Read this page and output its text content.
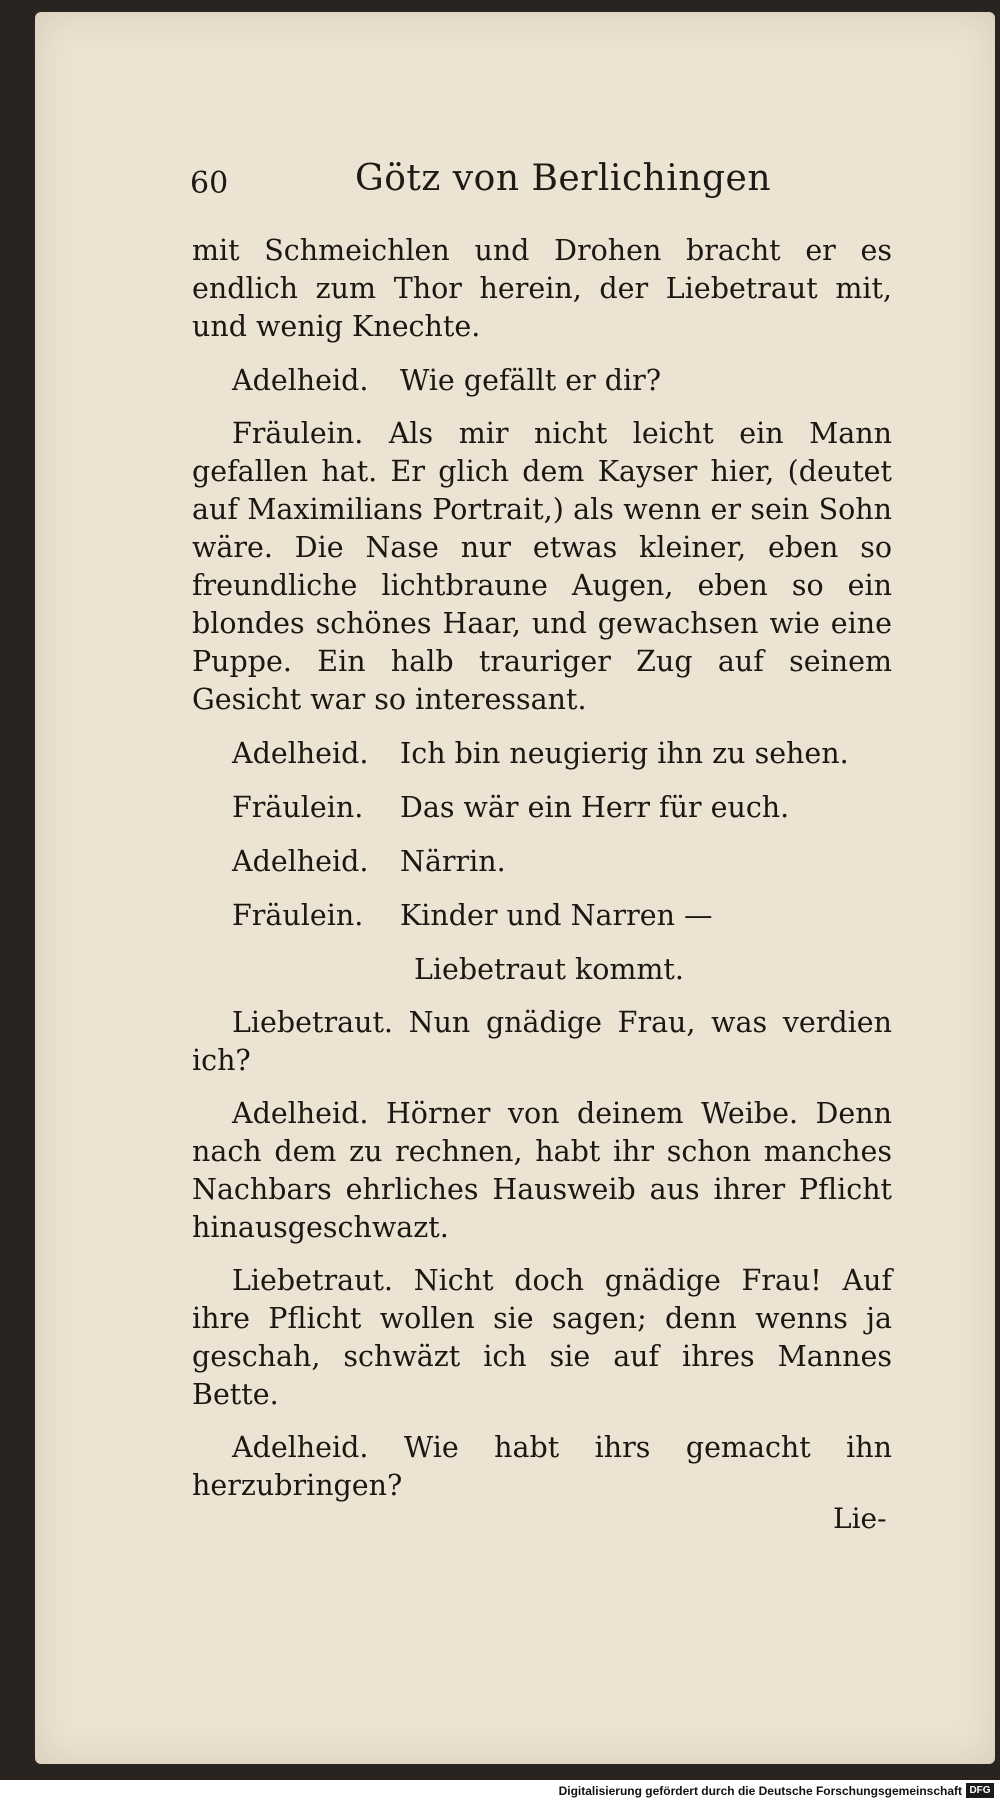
60	Götz von Berlichingen

mit Schmeichlen und Drohen bracht er es endlich zum Thor herein, der Liebetraut mit, und wenig Knechte.

Adelheid.	Wie gefällt er dir?

Fräulein. Als mir nicht leicht ein Mann gefallen hat. Er glich dem Kayser hier, (deutet auf Maximilians Portrait,) als wenn er sein Sohn wäre. Die Nase nur etwas kleiner, eben so freundliche lichtbraune Augen, eben so ein blondes schönes Haar, und gewachsen wie eine Puppe. Ein halb trauriger Zug auf seinem Gesicht war so interessant.

Adelheid.	Ich bin neugierig ihn zu sehen.
Fräulein.	Das wär ein Herr für euch.
Adelheid.	Närrin.
Fräulein.	Kinder und Narren —
Liebetraut kommt.

Liebetraut. Nun gnädige Frau, was verdien ich?

Adelheid. Hörner von deinem Weibe. Denn nach dem zu rechnen, habt ihr schon manches Nachbars ehrliches Hausweib aus ihrer Pflicht hinausgeschwazt.

Liebetraut. Nicht doch gnädige Frau! Auf ihre Pflicht wollen sie sagen; denn wenns ja geschah, schwäzt ich sie auf ihres Mannes Bette.

Adelheid. Wie habt ihrs gemacht ihn herzubringen?

Lie-
Digitalisierung gefördert durch die Deutsche Forschungsgemeinschaft DFG
